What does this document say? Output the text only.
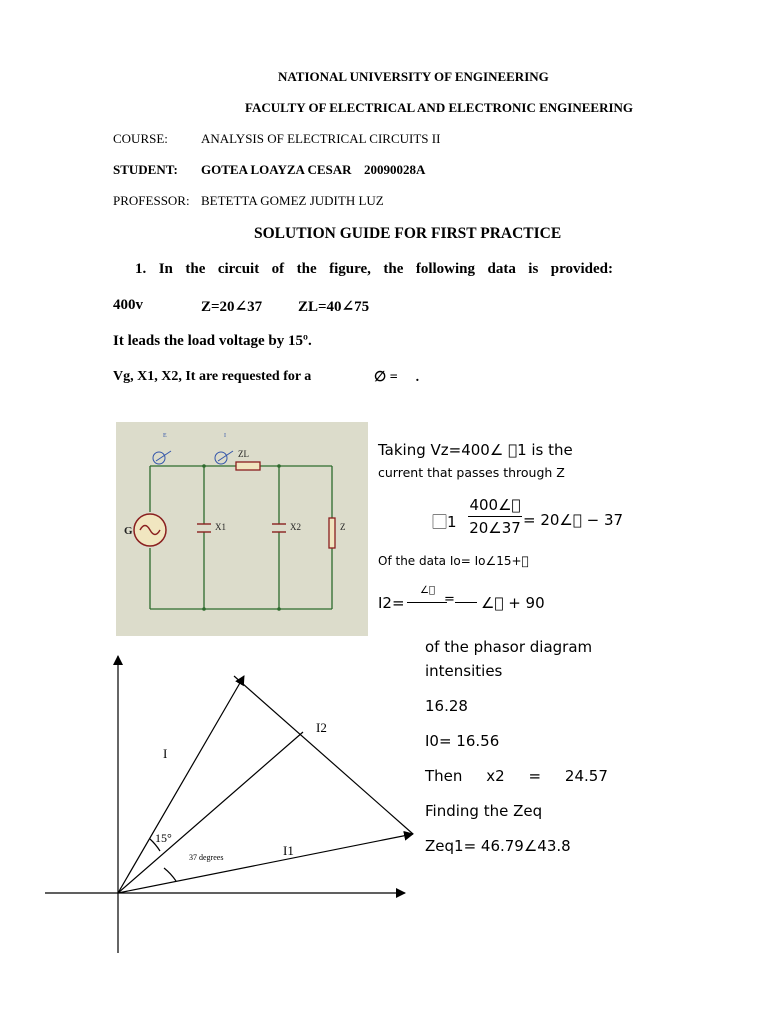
NATIONAL UNIVERSITY OF ENGINEERING
FACULTY OF ELECTRICAL AND ELECTRONIC ENGINEERING
COURSE:	ANALYSIS OF ELECTRICAL CIRCUITS II
STUDENT: GOTEA LOAYZA CESAR 20090028A
PROFESSOR: BETETTA GOMEZ JUDITH LUZ
SOLUTION GUIDE FOR FIRST PRACTICE
1. In the circuit of the figure, the following data is provided:
400v	Z=20∠37 ZL=40∠75
It leads the load voltage by 15º.
Vg, X1, X2, It are requested for a	∅ = ⃞ .
G	X1	X2	Z
ZL
E	I
Taking Vz=400∠ ⃞1 is the
current that passes through Z
⃞1
400∠⃞
20∠37 = 20∠⃞ − 37
Of the data Io= Io∠15+⃞
I2=
∠⃞
= ∠⃞ + 90
of the phasor diagram
intensities
16.28
I0= 16.56
Then     x2     =     24.57
Finding the Zeq
Zeq1= 46.79∠43.8
I
I2
I1
15°
37 degrees
